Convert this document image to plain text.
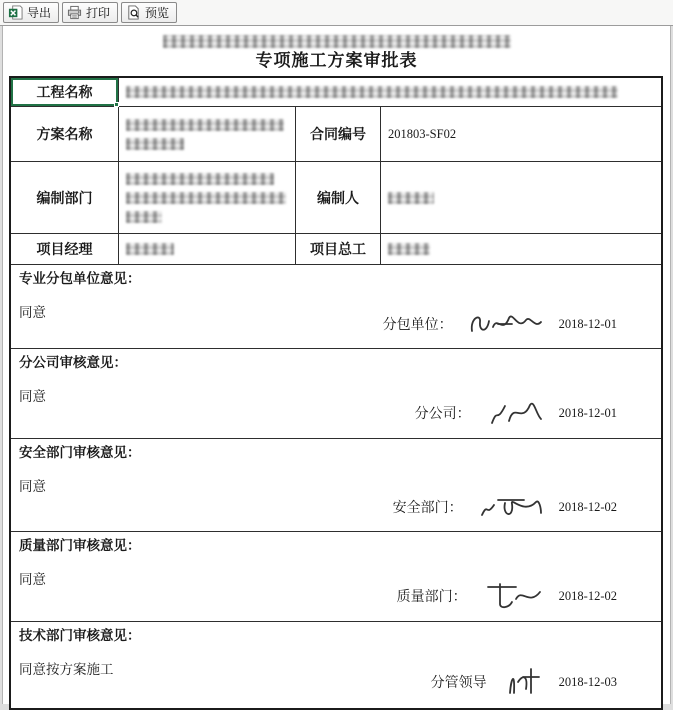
导出	打印	预览
专项施工方案审批表
工程名称
方案名称	合同编号 201803-SF02
编制部门	编制人
项目经理	项目总工
专业分包单位意见：
同意
分包单位：	2018-12-01
分公司审核意见：
同意
分公司：	2018-12-01
安全部门审核意见：
同意
安全部门：	2018-12-02
质量部门审核意见：
同意
质量部门：	2018-12-02
技术部门审核意见：
同意按方案施工
分管领导	2018-12-03
